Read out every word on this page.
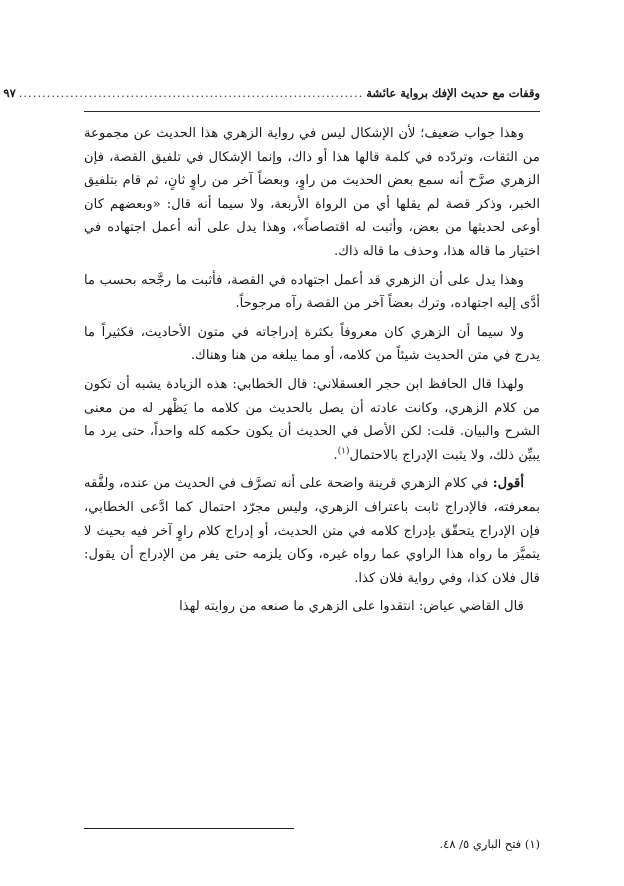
وقفات مع حديث الإفك برواية عائشة
..........................................................................
٩٧

وهذا جواب ضعيف؛ لأن الإشكال ليس في رواية الزهري هذا الحديث عن مجموعة من الثقات، وتردّده في كلمة قالها هذا أو ذاك، وإنما الإشكال في تلفيق القصة، فإن الزهري صرَّح أنه سمع بعض الحديث من راوٍ، وبعضاً آخر من راوٍ ثانٍ، ثم قام بتلفيق الخبر، وذكر قصة لم يقلها أي من الرواة الأربعة، ولا سيما أنه قال: «وبعضهم كان أوعى لحديثها من بعض، وأثبت له اقتصاصاً»، وهذا يدل على أنه أعمل اجتهاده في اختيار ما قاله هذا، وحذف ما قاله ذاك.

وهذا يدل على أن الزهري قد أعمل اجتهاده في القصة، فأثبت ما رجَّحه بحسب ما أدَّى إليه اجتهاده، وترك بعضاً آخر من القصة رآه مرجوحاً.

ولا سيما أن الزهري كان معروفاً بكثرة إدراجاته في متون الأحاديث، فكثيراً ما يدرج في متن الحديث شيئاً من كلامه، أو مما يبلغه من هنا وهناك.

ولهذا قال الحافظ ابن حجر العسقلاني: قال الخطابي: هذه الزيادة يشبه أن تكون من كلام الزهري، وكانت عادته أن يصل بالحديث من كلامه ما يَظْهر له من معنى الشرح والبيان. قلت: لكن الأصل في الحديث أن يكون حكمه كله واحداً، حتى يرد ما يبيِّن ذلك، ولا يثبت الإدراج بالاحتمال$^{(١)}$.

أقول: في كلام الزهري قرينة واضحة على أنه تصرَّف في الحديث من عنده، ولفَّقه بمعرفته، فالإدراج ثابت باعتراف الزهري، وليس مجرّد احتمال كما ادَّعى الخطابي، فإن الإدراج يتحقّق بإدراج كلامه في متن الحديث، أو إدراج كلام راوٍ آخر فيه بحيث لا يتميَّز ما رواه هذا الراوي عما رواه غيره، وكان يلزمه حتى يفر من الإدراج أن يقول: قال فلان كذا، وفي رواية فلان كذا.

قال القاضي عياض: انتقدوا على الزهري ما صنعه من روايته لهذا

(١) فتح الباري ٥/ ٤٨.
